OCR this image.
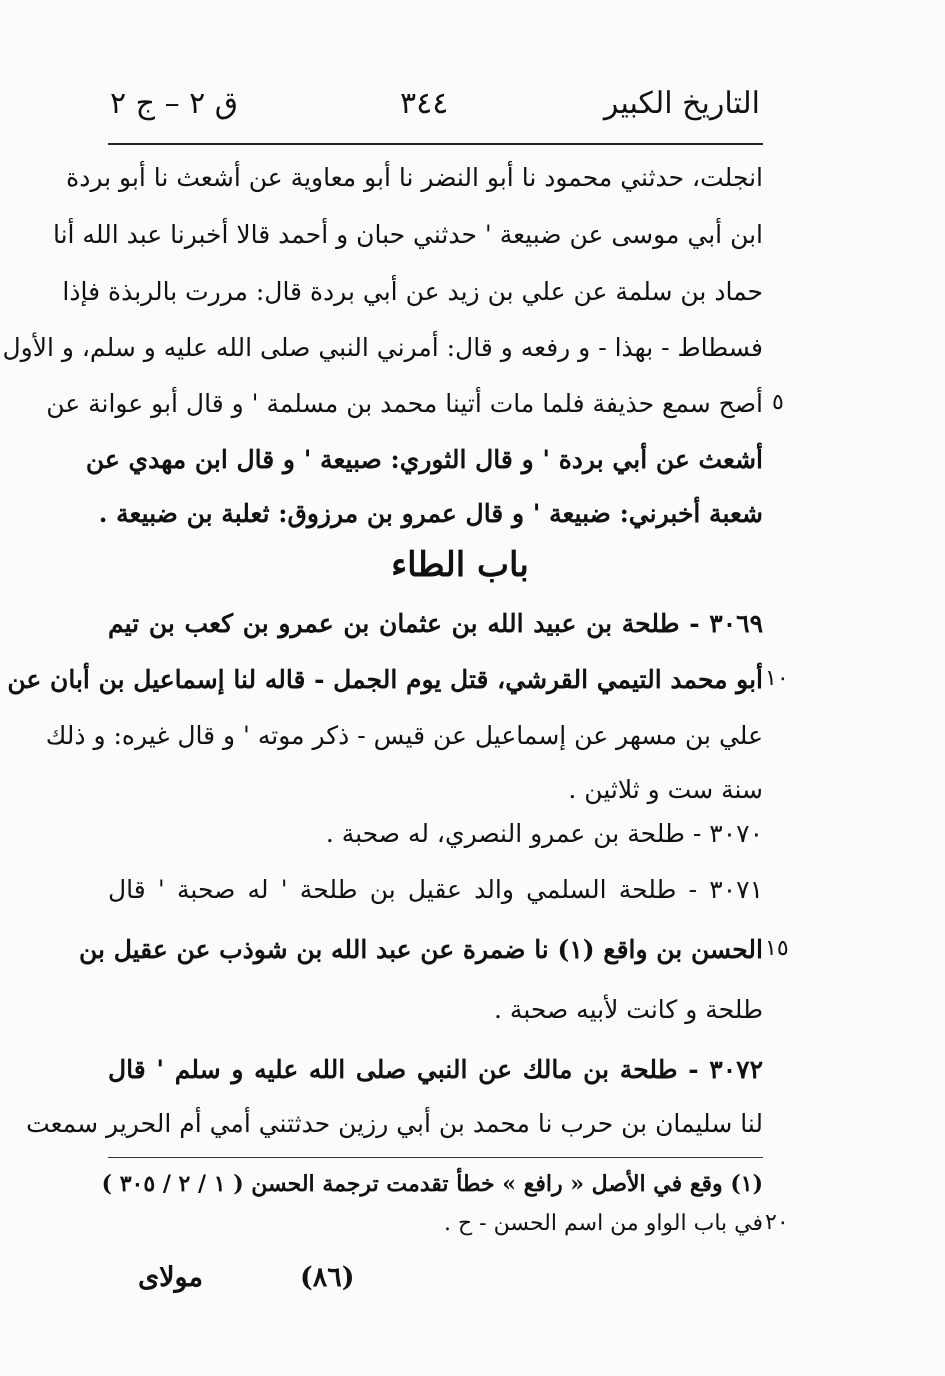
التاريخ الكبير
٣٤٤
ق ٢ – ج ٢
انجلت، حدثني محمود نا أبو النضر نا أبو معاوية عن أشعث نا أبو بردة
ابن أبي موسى عن ضبيعة ' حدثني حبان و أحمد قالا أخبرنا عبد الله أنا
حماد بن سلمة عن علي بن زيد عن أبي بردة قال: مررت بالربذة فإذا
فسطاط - بهذا - و رفعه و قال: أمرني النبي صلى الله عليه و سلم، و الأول
أصح سمع حذيفة فلما مات أتينا محمد بن مسلمة ' و قال أبو عوانة عن ٥
أشعث عن أبي بردة ' و قال الثوري: صبيعة ' و قال ابن مهدي عن
شعبة أخبرني: ضبيعة ' و قال عمرو بن مرزوق: ثعلبة بن ضبيعة .
باب الطاء
٣٠٦٩ - طلحة بن عبيد الله بن عثمان بن عمرو بن كعب بن تيم
أبو محمد التيمي القرشي، قتل يوم الجمل - قاله لنا إسماعيل بن أبان عن ١٠
علي بن مسهر عن إسماعيل عن قيس - ذكر موته ' و قال غيره: و ذلك
سنة ست و ثلاثين .
٣٠٧٠ - طلحة بن عمرو النصري، له صحبة .
٣٠٧١ - طلحة السلمي والد عقيل بن طلحة ' له صحبة ' قال
الحسن بن واقع (١) نا ضمرة عن عبد الله بن شوذب عن عقيل بن ١٥
طلحة و كانت لأبيه صحبة .
٣٠٧٢ - طلحة بن مالك عن النبي صلى الله عليه و سلم ' قال
لنا سليمان بن حرب نا محمد بن أبي رزين حدثتني أمي أم الحرير سمعت
(١) وقع في الأصل « رافع » خطأ تقدمت ترجمة الحسن ( ١ / ٢ / ٣٠٥ )
في باب الواو من اسم الحسن - ح . ٢٠
(٨٦)
مولاى
